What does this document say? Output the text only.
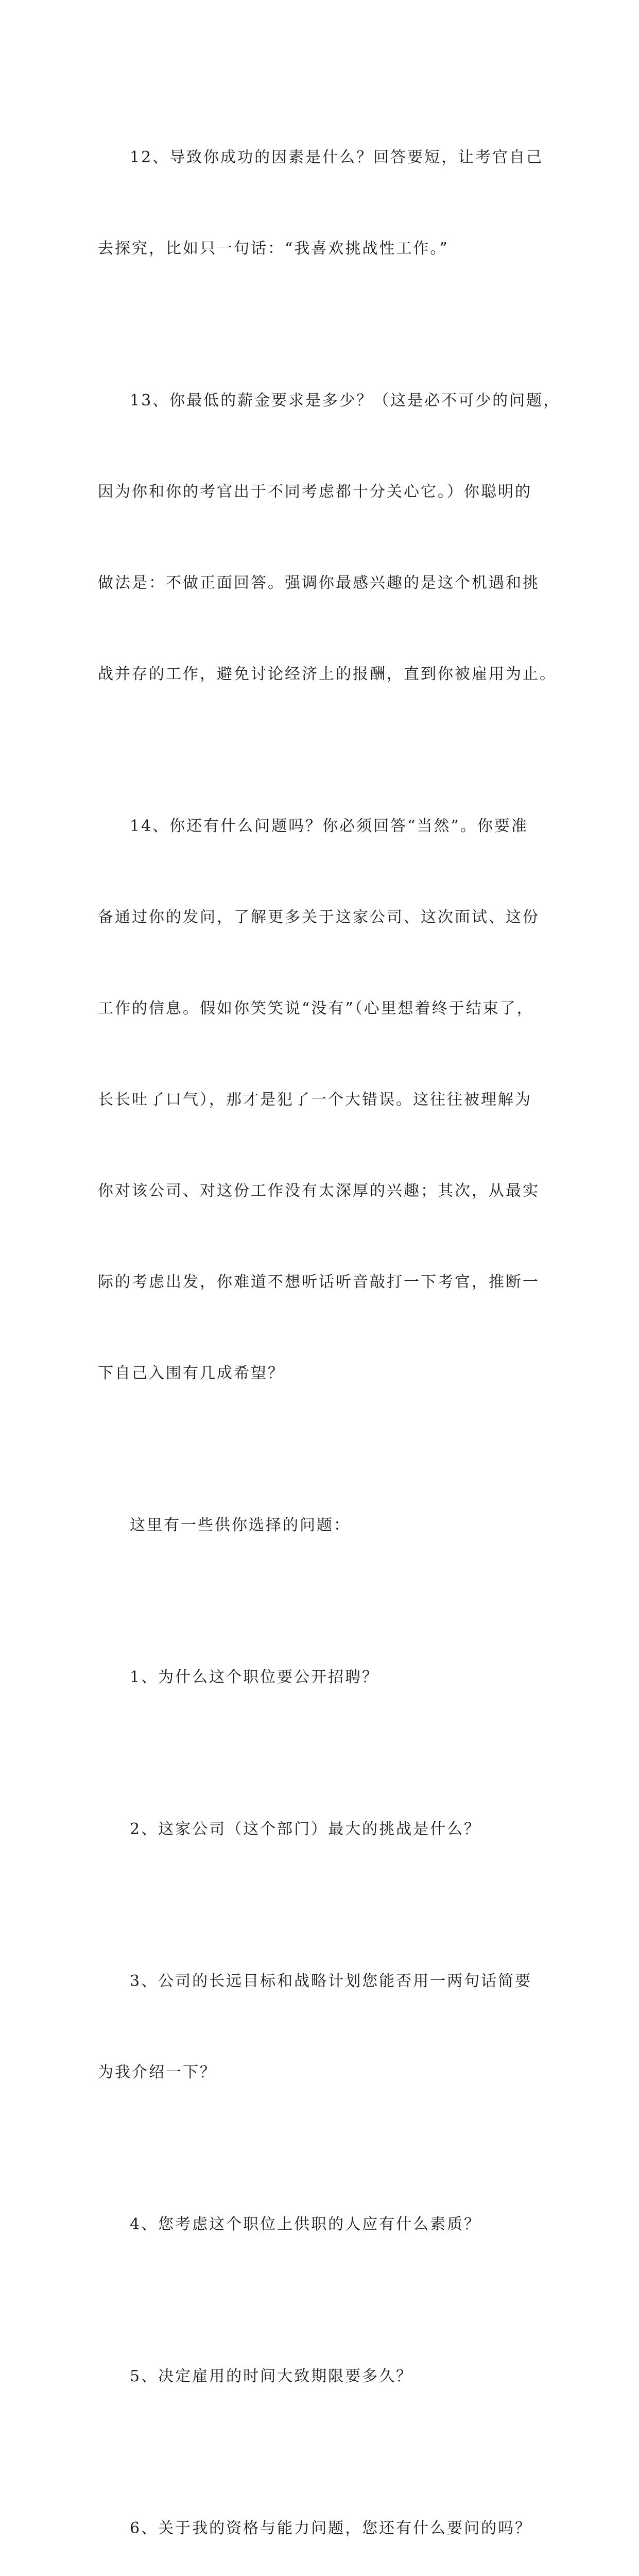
12、导致你成功的因素是什么？回答要短，让考官自己

去探究，比如只一句话：“我喜欢挑战性工作。”

13、你最低的薪金要求是多少？（这是必不可少的问题，

因为你和你的考官出于不同考虑都十分关心它。）你聪明的

做法是：不做正面回答。强调你最感兴趣的是这个机遇和挑

战并存的工作，避免讨论经济上的报酬，直到你被雇用为止。

14、你还有什么问题吗？你必须回答“当然”。你要准

备通过你的发问，了解更多关于这家公司、这次面试、这份

工作的信息。假如你笑笑说“没有”（心里想着终于结束了，

长长吐了口气），那才是犯了一个大错误。这往往被理解为

你对该公司、对这份工作没有太深厚的兴趣；其次，从最实

际的考虑出发，你难道不想听话听音敲打一下考官，推断一

下自己入围有几成希望？

这里有一些供你选择的问题：

1、为什么这个职位要公开招聘？

2、这家公司（这个部门）最大的挑战是什么？

3、公司的长远目标和战略计划您能否用一两句话简要

为我介绍一下？

4、您考虑这个职位上供职的人应有什么素质？

5、决定雇用的时间大致期限要多久？

6、关于我的资格与能力问题，您还有什么要问的吗？
